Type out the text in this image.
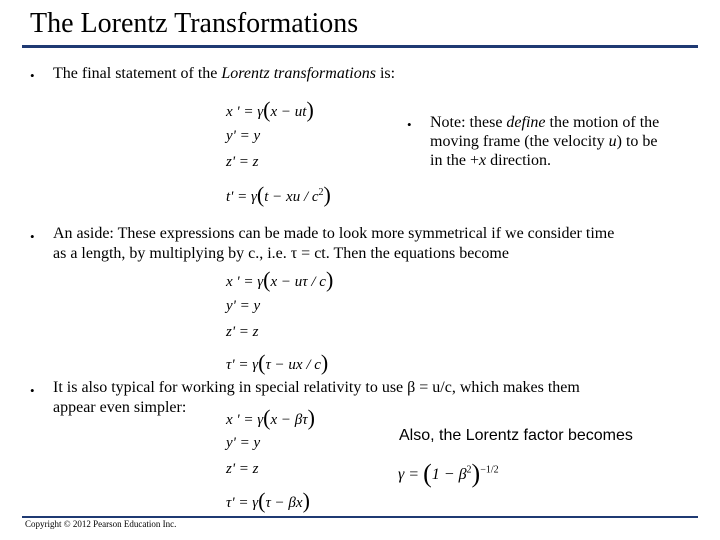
The Lorentz Transformations
• The final statement of the Lorentz transformations is:
x ' = γ(x − ut)
y' = y
z' = z
t' = γ(t − xu / $c^2$)
• Note: these define the motion of the moving frame (the velocity u) to be in the +x direction.
• An aside: These expressions can be made to look more symmetrical if we consider time
as a length, by multiplying by c., i.e. τ = ct. Then the equations become
x ' = γ(x − uτ / c)
y' = y
z' = z
τ' = γ(τ − ux / c)
• It is also typical for working in special relativity to use β = u/c, which makes them
appear even simpler:
x ' = γ(x − βτ)
y' = y
z' = z
τ' = γ(τ − βx)
Also, the Lorentz factor becomes
$\gamma = (1 - \beta^2)^{-1/2}$
Copyright © 2012 Pearson Education Inc.
